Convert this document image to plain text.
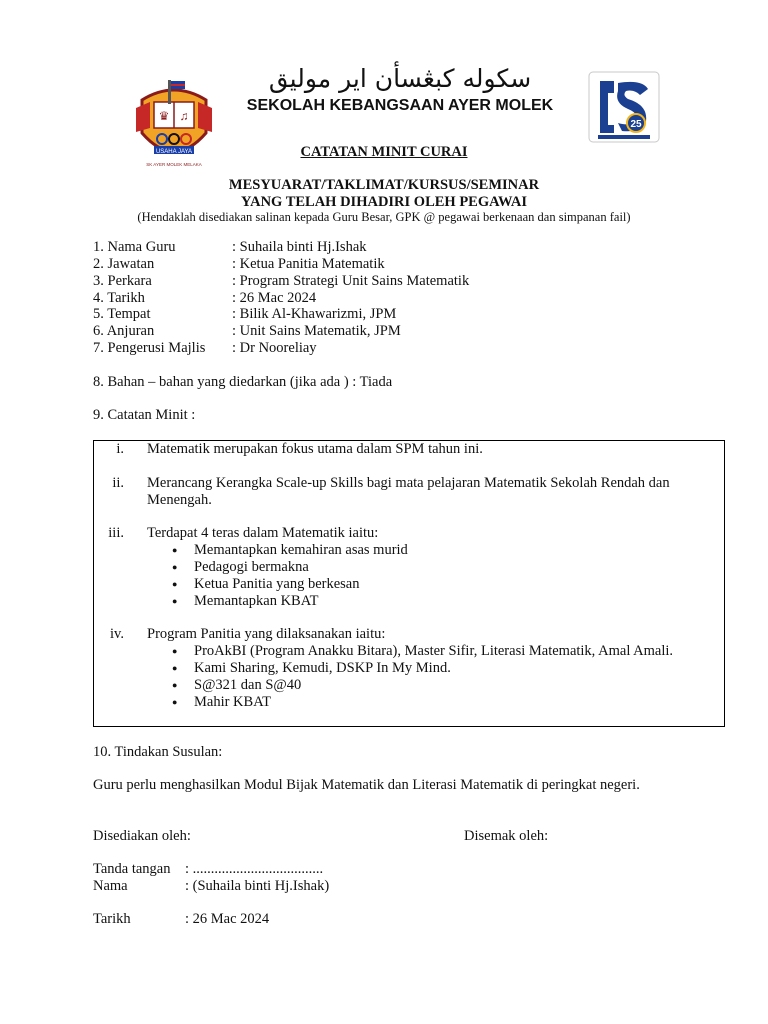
♛ ♫
USAHA JAYA
SK AYER MOLEK MELAKA
سکوله کبڠسأن اير موليق
SEKOLAH KEBANGSAAN AYER MOLEK
25
CATATAN MINIT CURAI
MESYUARAT/TAKLIMAT/KURSUS/SEMINAR
YANG TELAH DIHADIRI OLEH PEGAWAI
(Hendaklah disediakan salinan kepada Guru Besar, GPK @ pegawai berkenaan dan simpanan fail)
1. Nama Guru	: Suhaila binti Hj.Ishak
2. Jawatan	: Ketua Panitia Matematik
3. Perkara	: Program Strategi Unit Sains Matematik
4. Tarikh	: 26 Mac 2024
5. Tempat	: Bilik Al-Khawarizmi, JPM
6. Anjuran	: Unit Sains Matematik, JPM
7. Pengerusi Majlis : Dr Nooreliay
8. Bahan – bahan yang diedarkan (jika ada ) : Tiada
9. Catatan Minit :
i. Matematik merupakan fokus utama dalam SPM tahun ini.
ii. Merancang Kerangka Scale-up Skills bagi mata pelajaran Matematik Sekolah Rendah dan Menengah.
iii. Terdapat 4 teras dalam Matematik iaitu:
● Memantapkan kemahiran asas murid
● Pedagogi bermakna
● Ketua Panitia yang berkesan
● Memantapkan KBAT
iv. Program Panitia yang dilaksanakan iaitu:
● ProAkBI (Program Anakku Bitara), Master Sifir, Literasi Matematik, Amal Amali.
● Kami Sharing, Kemudi, DSKP In My Mind.
● S@321 dan S@40
● Mahir KBAT
10. Tindakan Susulan:
Guru perlu menghasilkan Modul Bijak Matematik dan Literasi Matematik di peringkat negeri.
Disediakan oleh:	Disemak oleh:
Tanda tangan : ....................................
Nama	: (Suhaila binti Hj.Ishak)
Tarikh	: 26 Mac 2024
